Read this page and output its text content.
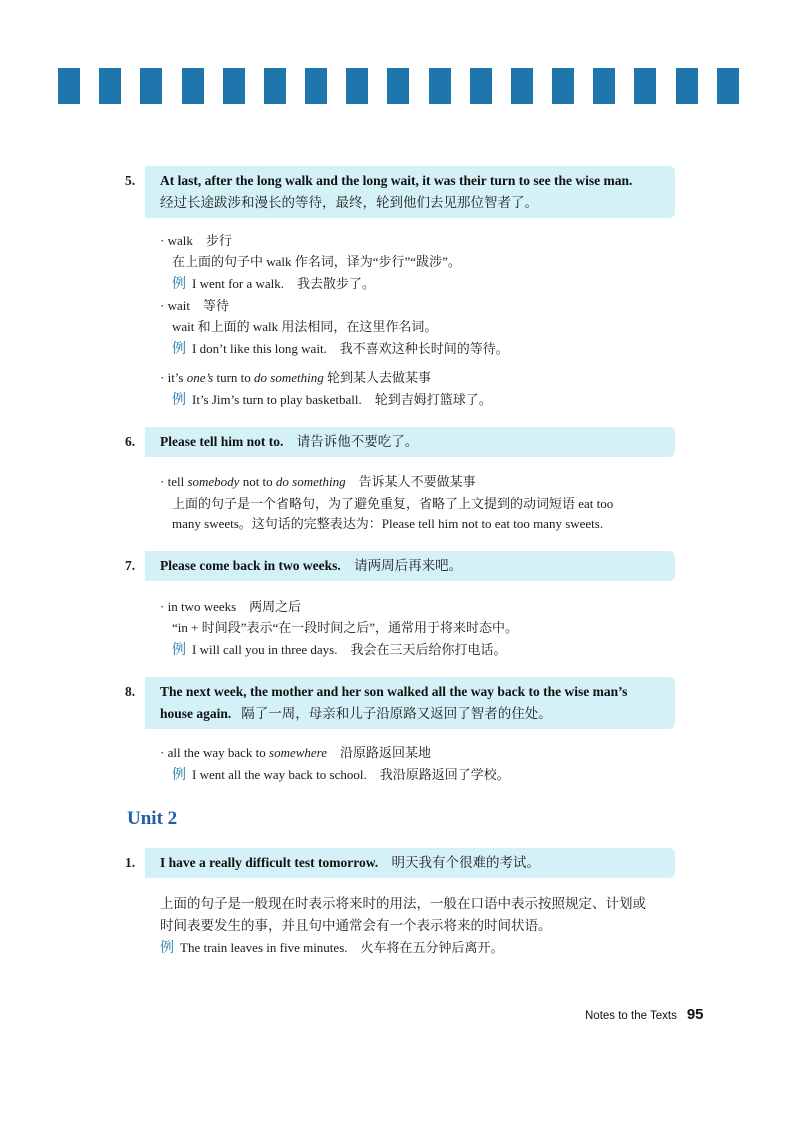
5. At last, after the long walk and the long wait, it was their turn to see the wise man.
经过长途跋涉和漫长的等待，最终，轮到他们去见那位智者了。
· walk　步行
在上面的句子中 walk 作名词，译为“步行”“跋涉”。
例 I went for a walk.　我去散步了。
· wait　等待
wait 和上面的 walk 用法相同，在这里作名词。
例 I don’t like this long wait.　我不喜欢这种长时间的等待。
· it’s one’s turn to do something 轮到某人去做某事
例 It’s Jim’s turn to play basketball.　轮到吉姆打篮球了。
6.	Please tell him not to. 请告诉他不要吃了。
· tell somebody not to do something　告诉某人不要做某事
上面的句子是一个省略句，为了避免重复，省略了上文提到的动词短语 eat too
many sweets。这句话的完整表达为：Please tell him not to eat too many sweets.
7.	Please come back in two weeks. 请两周后再来吧。
· in two weeks　两周之后
“in + 时间段”表示“在一段时间之后”，通常用于将来时态中。
例 I will call you in three days.　我会在三天后给你打电话。
8. The next week, the mother and her son walked all the way back to the wise man’s
house again. 隔了一周，母亲和儿子沿原路又返回了智者的住处。
· all the way back to somewhere　沿原路返回某地
例 I went all the way back to school.　我沿原路返回了学校。
Unit 2
1.	I have a really difficult test tomorrow. 明天我有个很难的考试。
上面的句子是一般现在时表示将来时的用法，一般在口语中表示按照规定、计划或
时间表要发生的事，并且句中通常会有一个表示将来的时间状语。
例 The train leaves in five minutes.　火车将在五分钟后离开。
Notes to the Texts 95
